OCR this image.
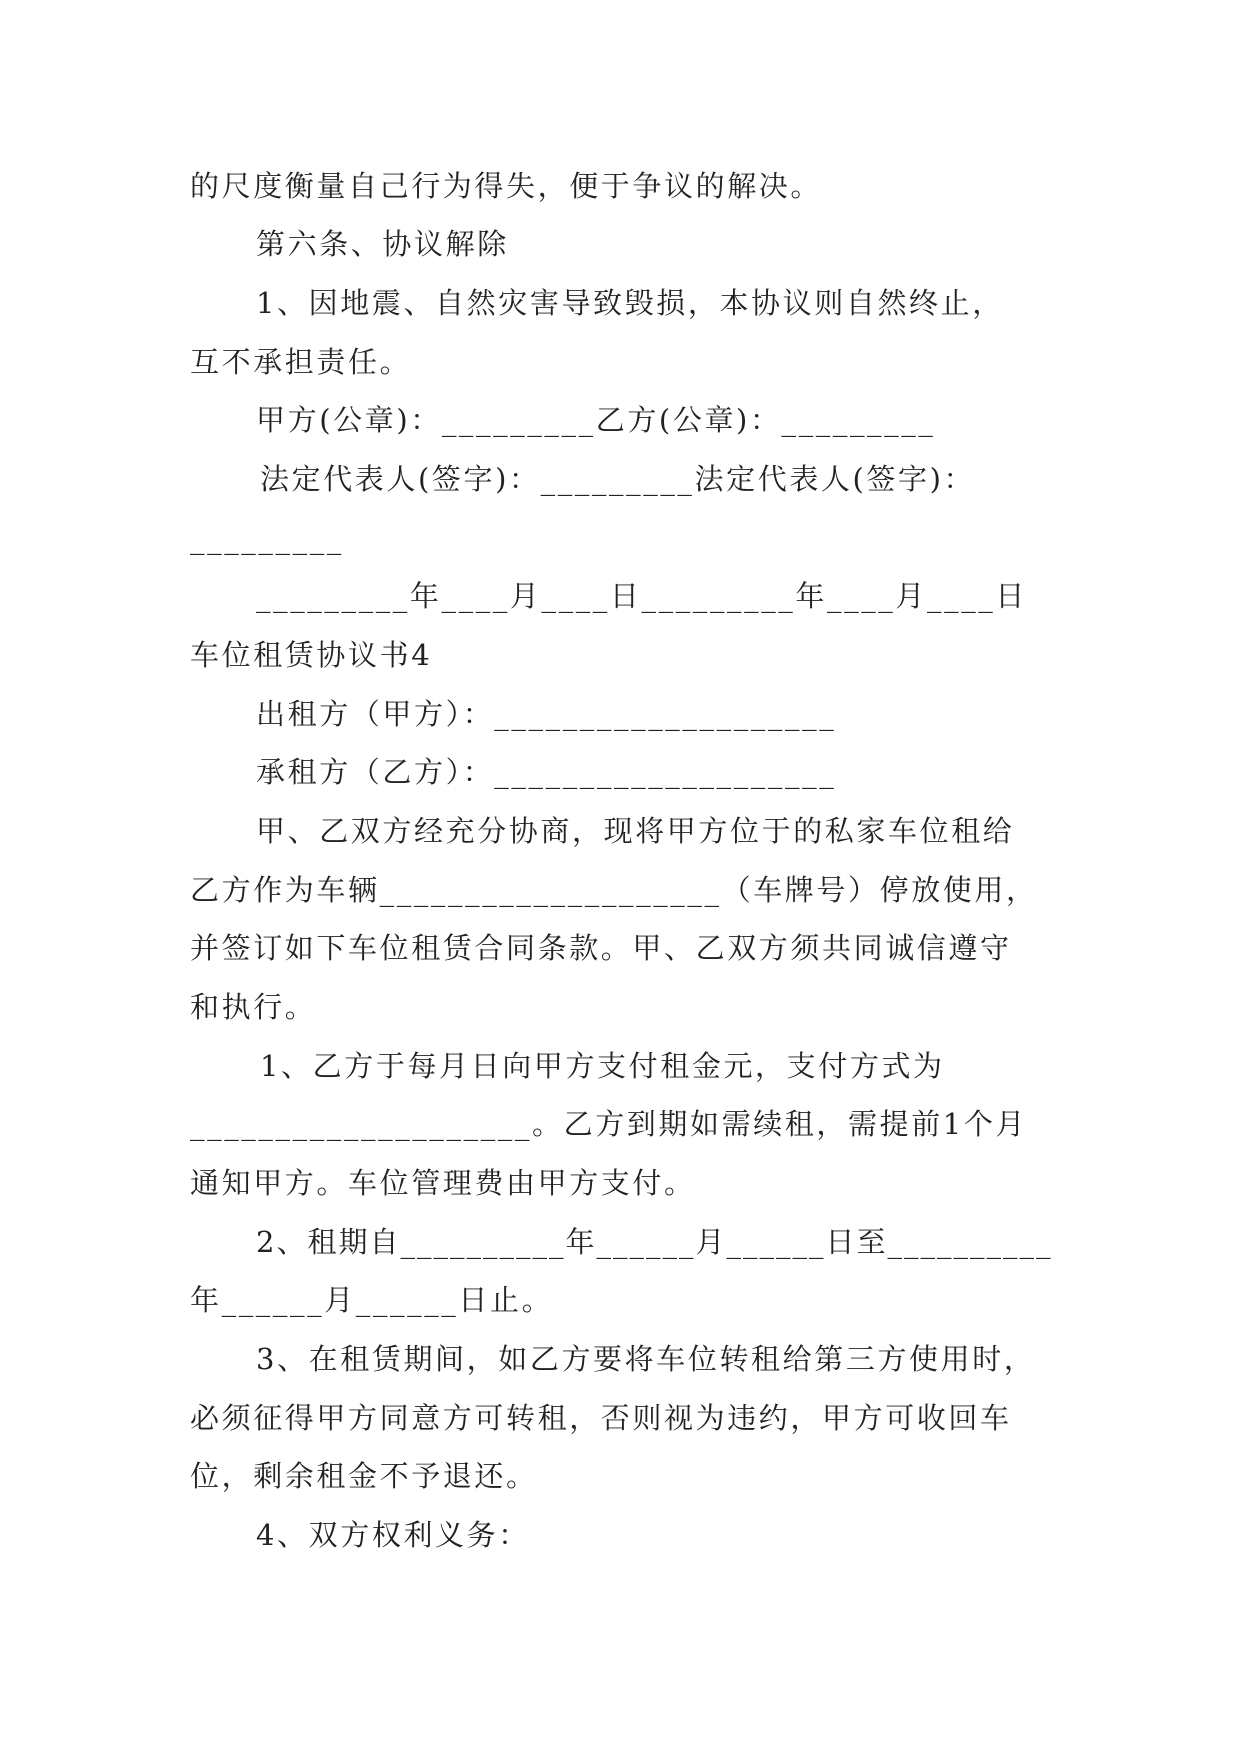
的尺度衡量自己行为得失，便于争议的解决。

第六条、协议解除

1、因地震、自然灾害导致毁损，本协议则自然终止，

互不承担责任。

甲方(公章)：_________乙方(公章)：_________

法定代表人(签字)：_________法定代表人(签字)：

_________

_________年____月____日_________年____月____日

车位租赁协议书4

出租方（甲方）：____________________

承租方（乙方）：____________________

甲、乙双方经充分协商，现将甲方位于的私家车位租给

乙方作为车辆____________________（车牌号）停放使用，

并签订如下车位租赁合同条款。甲、乙双方须共同诚信遵守

和执行。

1、乙方于每月日向甲方支付租金元，支付方式为

____________________。乙方到期如需续租，需提前1个月

通知甲方。车位管理费由甲方支付。

2、租期自__________年______月______日至__________

年______月______日止。

3、在租赁期间，如乙方要将车位转租给第三方使用时，

必须征得甲方同意方可转租，否则视为违约，甲方可收回车

位，剩余租金不予退还。

4、双方权利义务：
